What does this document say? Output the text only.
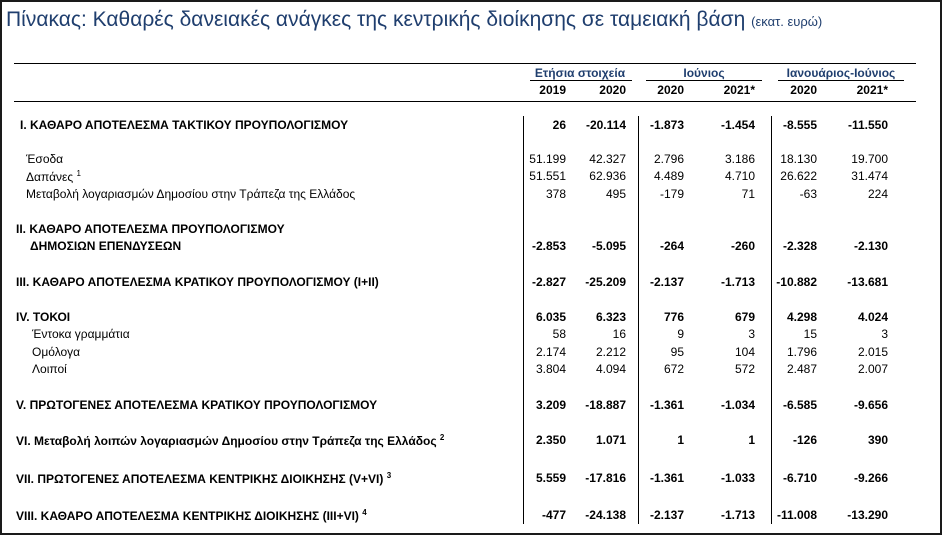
Πίνακας: Καθαρές δανειακές ανάγκες της κεντρικής διοίκησης σε ταμειακή βάση (εκατ. ευρώ)
Ετήσια στοιχεία	Ιούνιος	Ιανουάριος-Ιούνιος
2019	2020	2020	2021*	2020	2021*
I. ΚΑΘΑΡΟ ΑΠΟΤΕΛΕΣΜΑ ΤΑΚΤΙΚΟΥ ΠΡΟΥΠΟΛΟΓΙΣΜΟΥ	26	-20.114	-1.873	-1.454	-8.555	-11.550
Έσοδα	51.199	42.327	2.796	3.186	18.130	19.700
Δαπάνες $^1$	51.551	62.936	4.489	4.710	26.622	31.474
Μεταβολή λογαριασμών Δημοσίου στην Τράπεζα της Ελλάδος	378	495	-179	71	-63	224
II. ΚΑΘΑΡΟ ΑΠΟΤΕΛΕΣΜΑ ΠΡΟΥΠΟΛΟΓΙΣΜΟΥ
ΔΗΜΟΣΙΩΝ ΕΠΕΝΔΥΣΕΩΝ	-2.853	-5.095	-264	-260	-2.328	-2.130
III. ΚΑΘΑΡΟ ΑΠΟΤΕΛΕΣΜΑ ΚΡΑΤΙΚΟΥ ΠΡΟΥΠΟΛΟΓΙΣΜΟΥ (I+II)	-2.827	-25.209	-2.137	-1.713	-10.882	-13.681
IV. ΤΟΚΟΙ	6.035	6.323	776	679	4.298	4.024
Έντοκα γραμμάτια	58	16	9	3	15	3
Ομόλογα	2.174	2.212	95	104	1.796	2.015
Λοιποί	3.804	4.094	672	572	2.487	2.007
V. ΠΡΩΤΟΓΕΝΕΣ ΑΠΟΤΕΛΕΣΜΑ ΚΡΑΤΙΚΟΥ ΠΡΟΥΠΟΛΟΓΙΣΜΟΥ	3.209	-18.887	-1.361	-1.034	-6.585	-9.656
VI. Μεταβολή λοιπών λογαριασμών Δημοσίου στην Τράπεζα της Ελλάδος $^2$	2.350	1.071	1	1	-126	390
VII. ΠΡΩΤΟΓΕΝΕΣ ΑΠΟΤΕΛΕΣΜΑ ΚΕΝΤΡΙΚΗΣ ΔΙΟΙΚΗΣΗΣ (V+VI) $^3$	5.559	-17.816	-1.361	-1.033	-6.710	-9.266
VIII. ΚΑΘΑΡΟ ΑΠΟΤΕΛΕΣΜΑ ΚΕΝΤΡΙΚΗΣ ΔΙΟΙΚΗΣΗΣ (III+VI) $^4$	-477	-24.138	-2.137	-1.713	-11.008	-13.290
